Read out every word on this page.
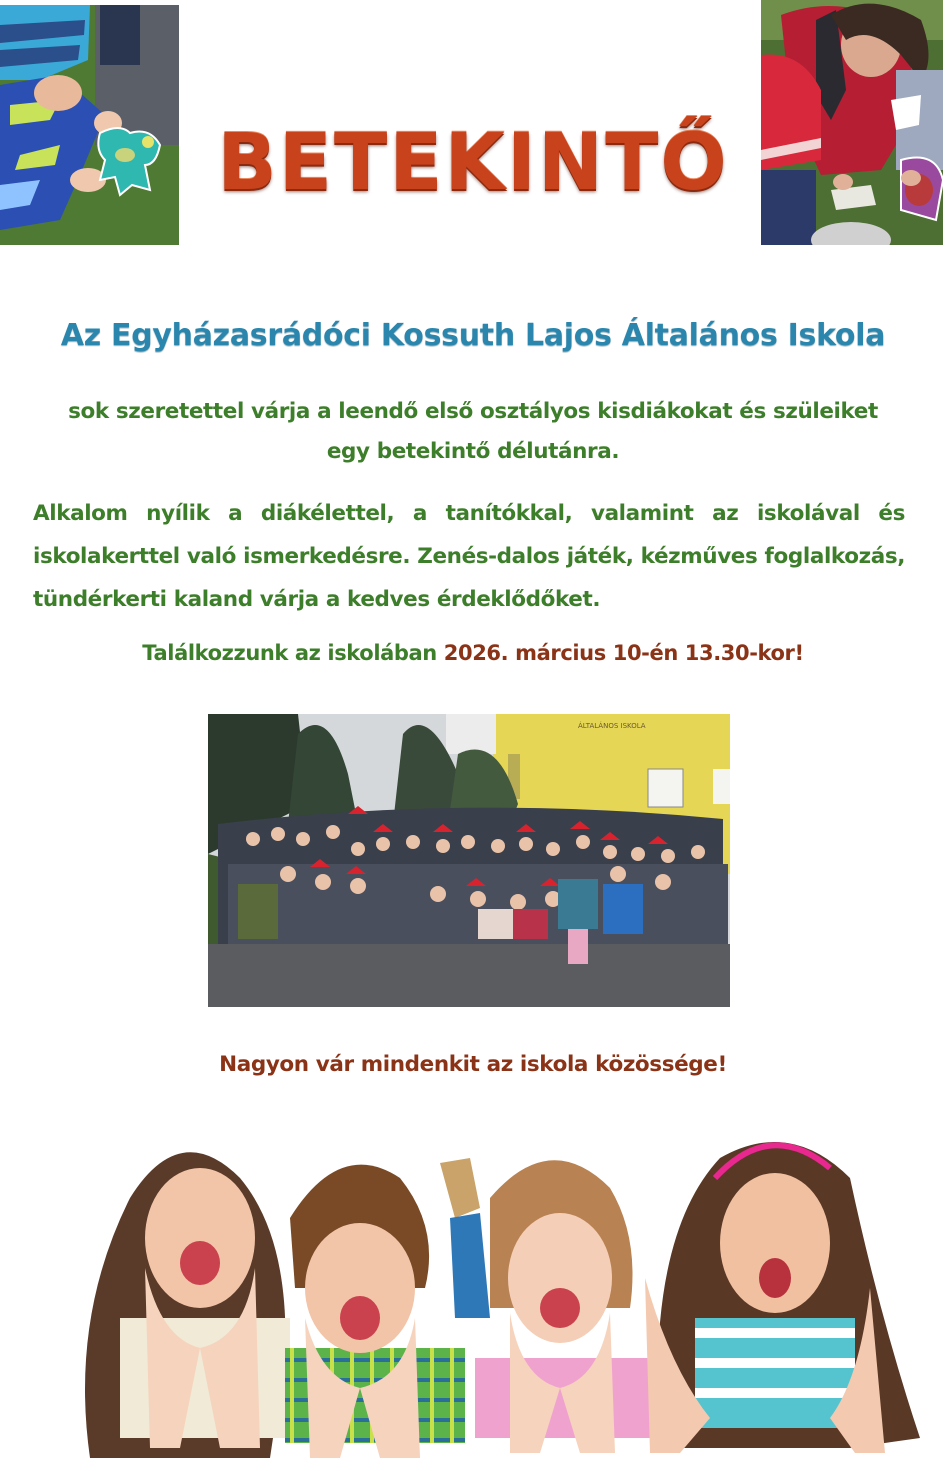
BETEKINTŐ
Az Egyházasrádóci Kossuth Lajos Általános Iskola
sok szeretettel várja a leendő első osztályos kisdiákokat és szüleiket
egy betekintő délutánra.
Alkalom nyílik a diákélettel, a tanítókkal, valamint az iskolával és iskolakerttel való ismerkedésre. Zenés-dalos játék, kézműves foglalkozás, tündérkerti kaland várja a kedves érdeklődőket.
Találkozzunk az iskolában 2026. március 10-én 13.30-kor!
ÁLTALÁNOS ISKOLA
Nagyon vár mindenkit az iskola közössége!
